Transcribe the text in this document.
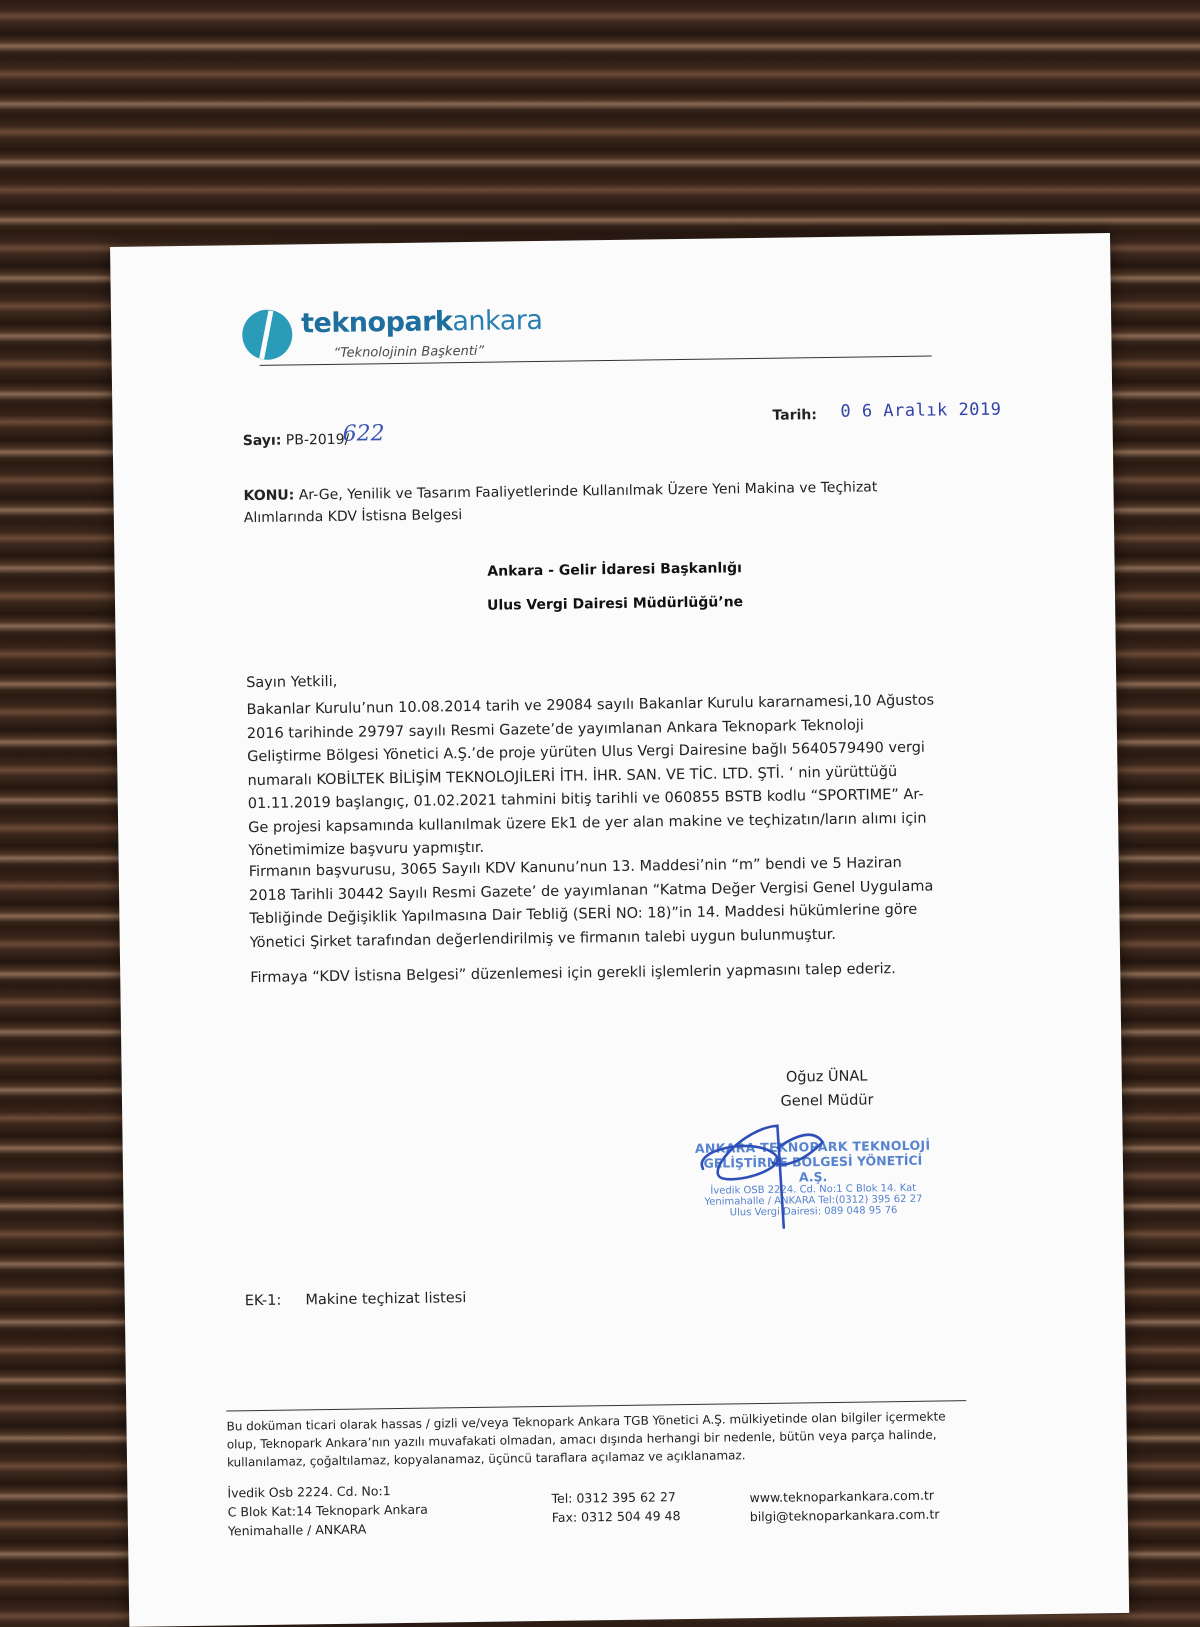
teknoparkankara
“Teknolojinin Başkenti”
Sayı: PB-2019/
622
Tarih: 0 6 Aralık 2019
KONU: Ar-Ge, Yenilik ve Tasarım Faaliyetlerinde Kullanılmak Üzere Yeni Makina ve Teçhizat Alımlarında KDV İstisna Belgesi
Ankara - Gelir İdaresi Başkanlığı
Ulus Vergi Dairesi Müdürlüğü’ne
Sayın Yetkili,
Bakanlar Kurulu’nun 10.08.2014 tarih ve 29084 sayılı Bakanlar Kurulu kararnamesi,10 Ağustos 2016 tarihinde 29797 sayılı Resmi Gazete’de yayımlanan Ankara Teknopark Teknoloji Geliştirme Bölgesi Yönetici A.Ş.’de proje yürüten Ulus Vergi Dairesine bağlı 5640579490 vergi numaralı KOBİLTEK BİLİŞİM TEKNOLOJİLERİ İTH. İHR. SAN. VE TİC. LTD. ŞTİ. ‘ nin yürüttüğü 01.11.2019 başlangıç, 01.02.2021 tahmini bitiş tarihli ve 060855 BSTB kodlu “SPORTIME” Ar-Ge projesi kapsamında kullanılmak üzere Ek1 de yer alan makine ve teçhizatın/ların alımı için Yönetimimize başvuru yapmıştır.
Firmanın başvurusu, 3065 Sayılı KDV Kanunu’nun 13. Maddesi’nin “m” bendi ve 5 Haziran 2018 Tarihli 30442 Sayılı Resmi Gazete’ de yayımlanan “Katma Değer Vergisi Genel Uygulama Tebliğinde Değişiklik Yapılmasına Dair Tebliğ (SERİ NO: 18)”in 14. Maddesi hükümlerine göre Yönetici Şirket tarafından değerlendirilmiş ve firmanın talebi uygun bulunmuştur.
Firmaya “KDV İstisna Belgesi” düzenlemesi için gerekli işlemlerin yapmasını talep ederiz.
Oğuz ÜNAL
Genel Müdür
ANKARA TEKNOPARK TEKNOLOJİ
GELİŞTİRME BÖLGESİ YÖNETİCİ A.Ş.
İvedik OSB 2224. Cd. No:1 C Blok 14. Kat
Yenimahalle / ANKARA Tel:(0312) 395 62 27
Ulus Vergi Dairesi: 089 048 95 76
EK-1: Makine teçhizat listesi
Bu doküman ticari olarak hassas / gizli ve/veya Teknopark Ankara TGB Yönetici A.Ş. mülkiyetinde olan bilgiler içermekte olup, Teknopark Ankara’nın yazılı muvafakati olmadan, amacı dışında herhangi bir nedenle, bütün veya parça halinde, kullanılamaz, çoğaltılamaz, kopyalanamaz, üçüncü taraflara açılamaz ve açıklanamaz.
İvedik Osb 2224. Cd. No:1
C Blok Kat:14 Teknopark Ankara
Yenimahalle / ANKARA
Tel: 0312 395 62 27
Fax: 0312 504 49 48
www.teknoparkankara.com.tr
bilgi@teknoparkankara.com.tr
